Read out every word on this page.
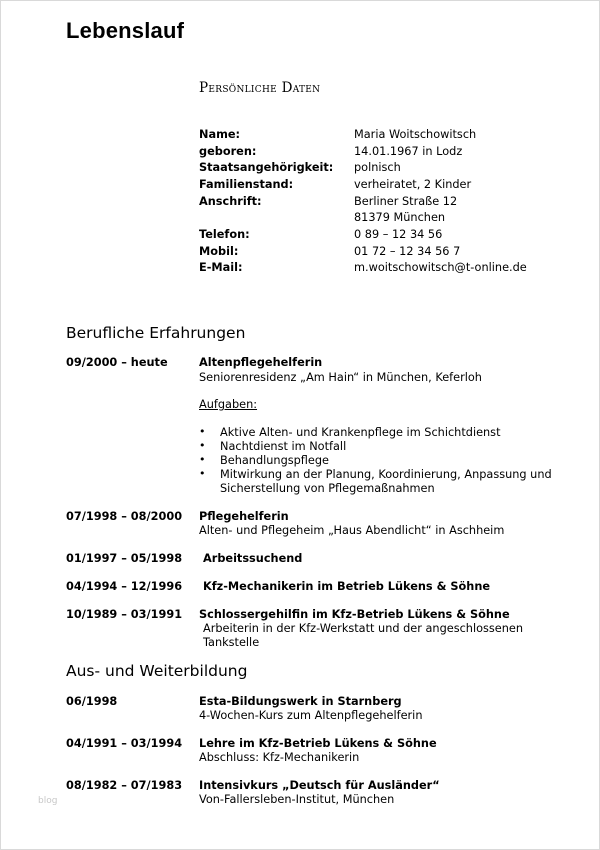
Lebenslauf
Persönliche Daten
Name:	Maria Woitschowitsch
geboren:	14.01.1967 in Lodz
Staatsangehörigkeit: polnisch
Familienstand:	verheiratet, 2 Kinder
Anschrift:	Berliner Straße 12
81379 München
Telefon:	0 89 – 12 34 56
Mobil:	01 72 – 12 34 56 7
E-Mail:	m.woitschowitsch@t-online.de
Berufliche Erfahrungen
09/2000 – heute	Altenpflegehelferin
Seniorenresidenz „Am Hain“ in München, Keferloh
Aufgaben:
• Aktive Alten- und Krankenpflege im Schichtdienst
• Nachtdienst im Notfall
• Behandlungspflege
• Mitwirkung an der Planung, Koordinierung, Anpassung und
Sicherstellung von Pflegemaßnahmen
07/1998 – 08/2000 Pflegehelferin
Alten- und Pflegeheim „Haus Abendlicht“ in Aschheim
01/1997 – 05/1998 Arbeitssuchend
04/1994 – 12/1996 Kfz-Mechanikerin im Betrieb Lükens & Söhne
10/1989 – 03/1991 Schlossergehilfin im Kfz-Betrieb Lükens & Söhne
Arbeiterin in der Kfz-Werkstatt und der angeschlossenen
Tankstelle
Aus- und Weiterbildung
06/1998	Esta-Bildungswerk in Starnberg
4-Wochen-Kurs zum Altenpflegehelferin
04/1991 – 03/1994 Lehre im Kfz-Betrieb Lükens & Söhne
Abschluss: Kfz-Mechanikerin
08/1982 – 07/1983 Intensivkurs „Deutsch für Ausländer“
Von-Fallersleben-Institut, München
blog
